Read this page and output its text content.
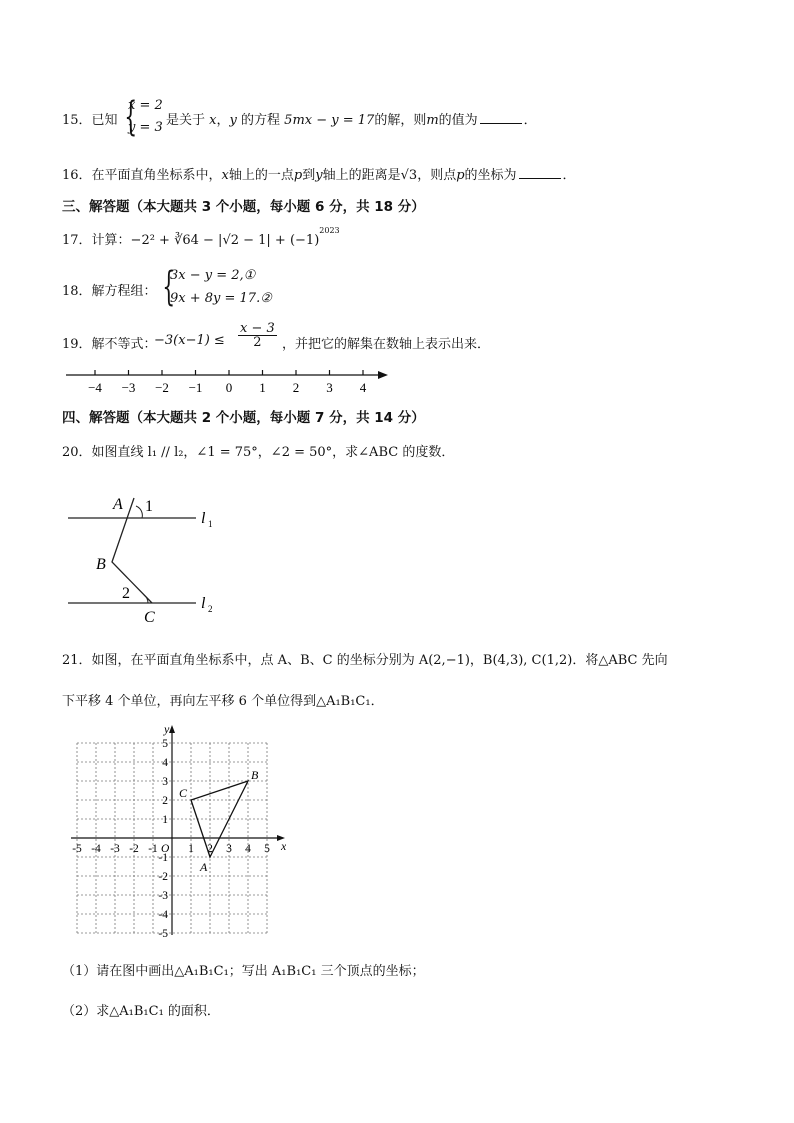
15．已知 {
x = 2
y = 3 是关于 x，y 的方程 5mx − y = 17的解，则m的值为	．
16．在平面直角坐标系中，x轴上的一点p到y轴上的距离是√3，则点p的坐标为	．
三、解答题（本大题共 3 个小题，每小题 6 分，共 18 分）
17．计算：−2² + ∛64 − $|√2 - 1| + (-1)^{2023}$
18．解方程组： {
3x − y = 2,①
9x + 8y = 17.②
19．解不等式：
$-3(x-1) \le \frac{x - 3}{2}$ ，并把它的解集在数轴上表示出来．
−4 −3 −2 −1 0 1 2 3 4
四、解答题（本大题共 2 个小题，每小题 7 分，共 14 分）
20．如图直线 l₁ // l₂，∠1 = 75°，∠2 = 50°，求∠ABC 的度数．
A 1
B
2
C
l 1
l 2
21．如图，在平面直角坐标系中，点 A、B、C 的坐标分别为 A(2,−1)，B(4,3), C(1,2)．将△ABC 先向
下平移 4 个单位，再向左平移 6 个单位得到△A₁B₁C₁．
x
y
-5 -4 -3 -2 -1	1 2 3 4 5
O
5
4
3
2
1
-1
-2
-3
-4
-5
A
B
C
（1）请在图中画出△A₁B₁C₁；写出 A₁B₁C₁ 三个顶点的坐标；
（2）求△A₁B₁C₁ 的面积．
